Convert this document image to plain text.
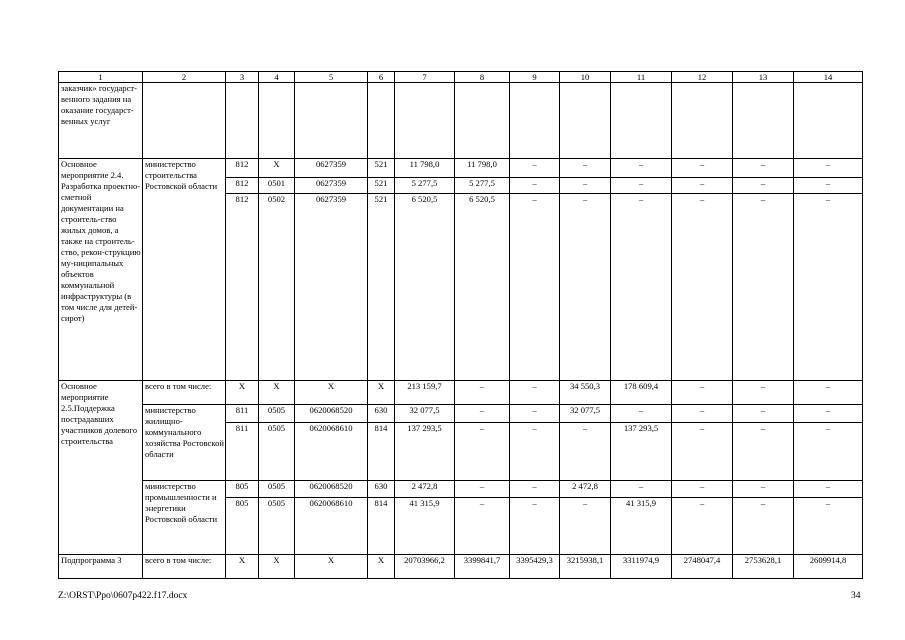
1	2	3	4	5	6	7	8	9	10	11	12	13	14
заказчик» государст-венного задания на оказание государст-венных услуг													
Основное мероприятие 2.4. Разработка проектно-сметной документации на строитель-ство жилых домов, а также на строитель-ство, рекон-струкцию му-ниципальных объектов коммунальной инфраструктуры (в том числе для детей-сирот)	министерство строительства Ростовской области	812	X	0627359	521	11 798,0	11 798,0	–	–	–	–	–	–
		812	0501	0627359	521	5 277,5	5 277,5	–	–	–	–	–	–
		812	0502	0627359	521	6 520,5	6 520,5	–	–	–	–	–	–
Основное мероприятие 2.5.Поддержка пострадавших участников долевого строительства	всего в том числе:	X	X	X	X	213 159,7	–	–	34 550,3	178 609,4	–	–	–
	министерство жилищно-коммунального хозяйства Ростовской области	811	0505	0620068520	630	32 077,5	–	–	32 077,5	–	–	–	–
		811	0505	0620068610	814	137 293,5	–	–	–	137 293,5	–	–	–
	министерство промышленности и энергетики Ростовской области	805	0505	0620068520	630	2 472,8	–	–	2 472,8	–	–	–	–
		805	0505	0620068610	814	41 315,9	–	–	–	41 315,9	–	–	–
Подпрограмма 3	всего в том числе:	X	X	X	X	20703966,2	3399841,7	3395429,3	3215938,1	3311974,9	2748047,4	2753628,1	2609914,8
Z:\ORST\Ppo\0607p422.f17.docx	34
